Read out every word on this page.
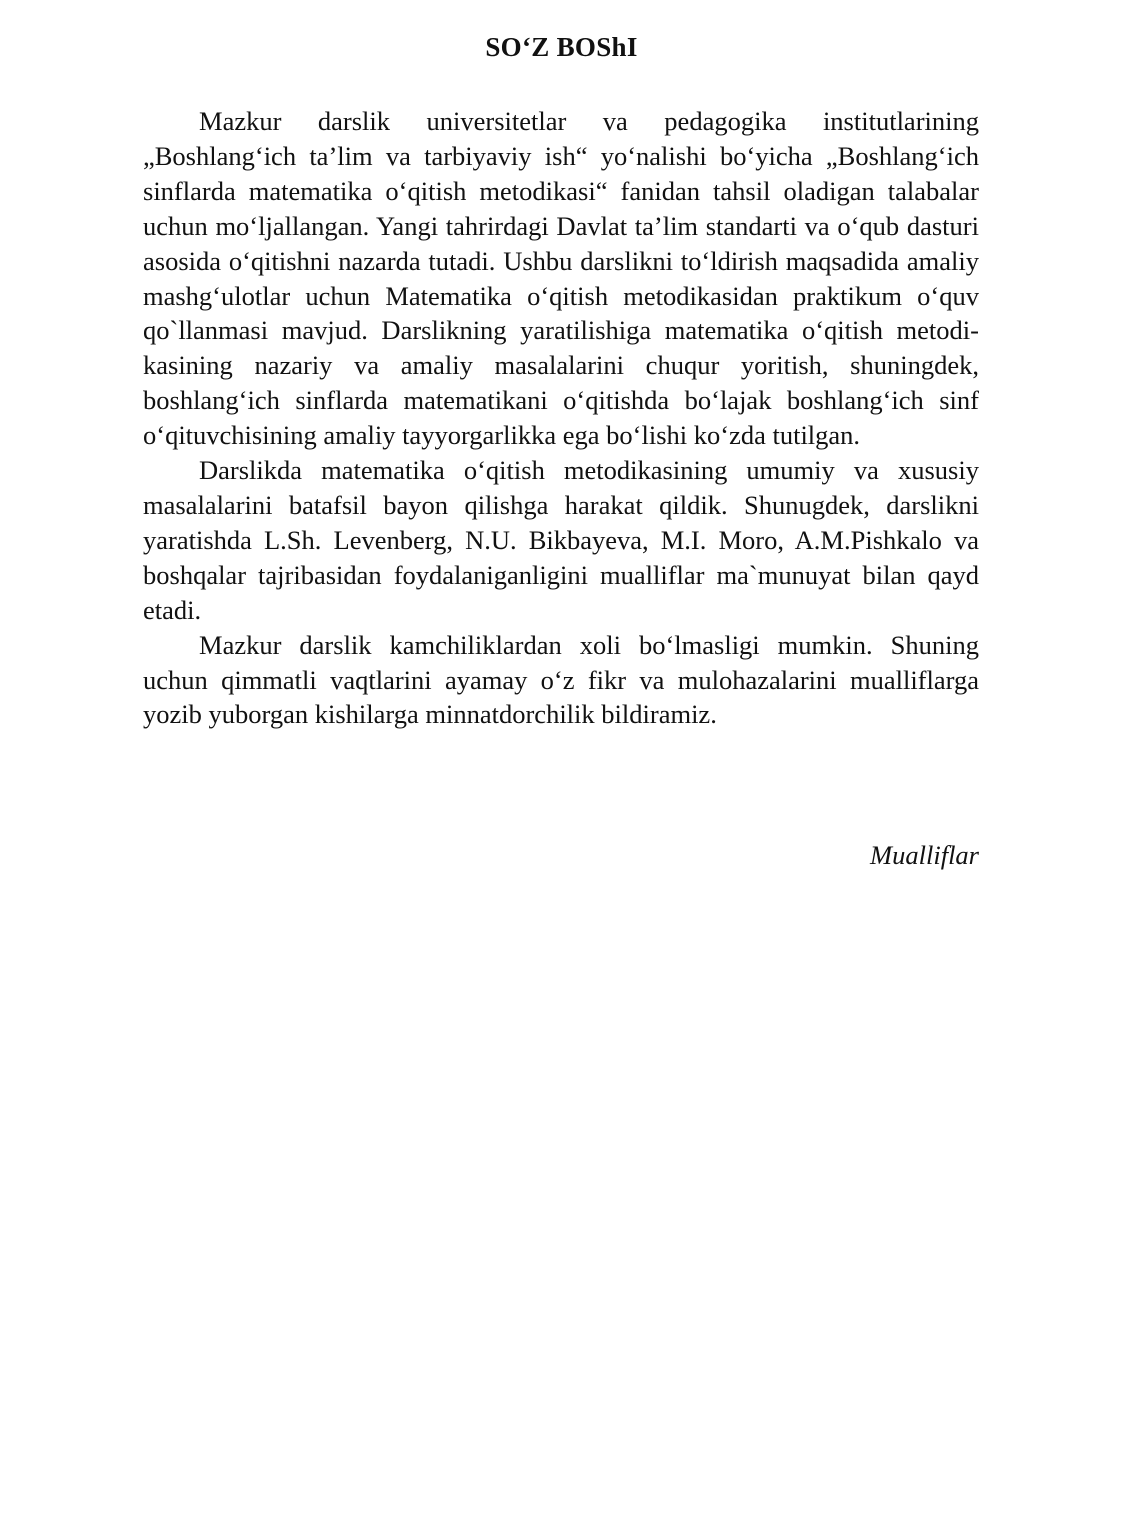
SO‘Z BOShI

Mazkur darslik universitetlar va pedagogika institutlarining „Boshlang‘ich ta’lim va tarbiyaviy ish“ yo‘nalishi bo‘yicha „Boshlang‘ich sinflarda matematika o‘qitish metodikasi“ fanidan tahsil oladigan talabalar uchun mo‘ljallangan. Yangi tahrirdagi Davlat ta’lim standarti va o‘qub dasturi asosida o‘qitishni nazarda tutadi. Ushbu darslikni to‘ldirish maqsadida amaliy mashg‘ulotlar uchun Matematika o‘qitish metodikasidan praktikum o‘quv qo`llanmasi mavjud. Darslikning yaratilishiga matematika o‘qitish metodikasining nazariy va amaliy masalalarini chuqur yoritish, shuningdek, boshlang‘ich sinflarda matematikani o‘qitishda bo‘lajak boshlang‘ich sinf o‘qituvchisining amaliy tayyorgarlikka ega bo‘lishi ko‘zda tutilgan.

Darslikda matematika o‘qitish metodikasining umumiy va xususiy masalalarini batafsil bayon qilishga harakat qildik. Shunugdek, darslikni yaratishda L.Sh. Levenberg, N.U. Bikbayeva, M.I. Moro, A.M.Pishkalo va boshqalar tajribasidan foydalaniganligini mualliflar ma`munuyat bilan qayd etadi.

Mazkur darslik kamchiliklardan xoli bo‘lmasligi mumkin. Shuning uchun qimmatli vaqtlarini ayamay o‘z fikr va mulohazalarini mualliflarga yozib yuborgan kishilarga minnatdorchilik bildiramiz.

Mualliflar
